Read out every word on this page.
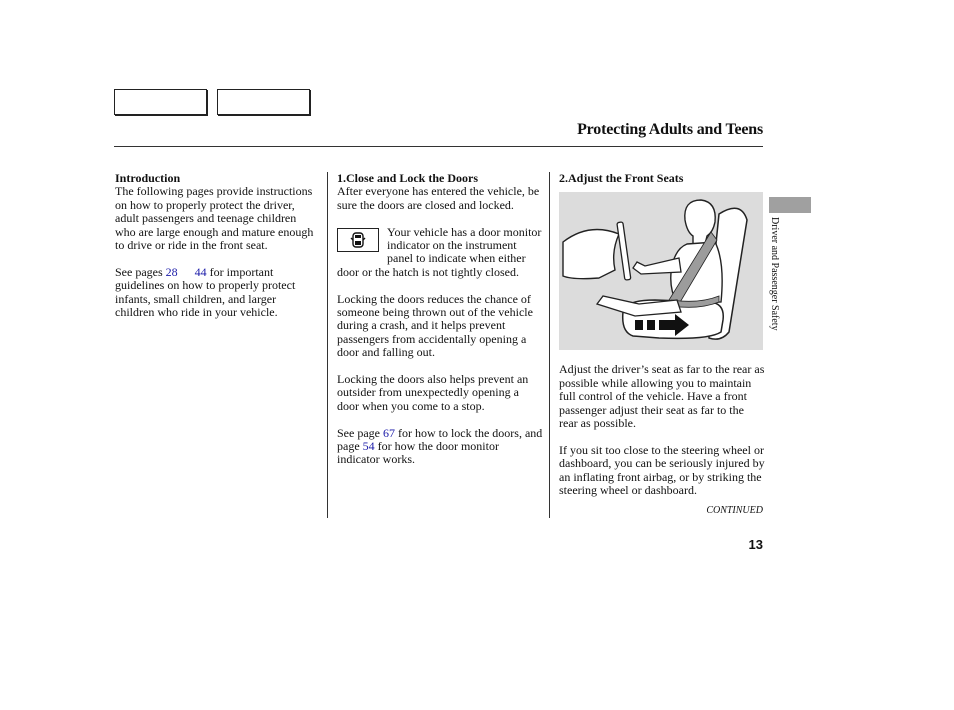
Protecting Adults and Teens
Driver and Passenger Safety
Introduction

The following pages provide instructions on how to properly protect the driver, adult passengers and teenage children who are large enough and mature enough to drive or ride in the front seat.

See pages 28 44 for important guidelines on how to properly protect infants, small children, and larger children who ride in your vehicle.

1.Close and Lock the Doors

After everyone has entered the vehicle, be sure the doors are closed and locked.

Your vehicle has a door monitor indicator on the instrument panel to indicate when either door or the hatch is not tightly closed.

Locking the doors reduces the chance of someone being thrown out of the vehicle during a crash, and it helps prevent passengers from accidentally opening a door and falling out.

Locking the doors also helps prevent an outsider from unexpectedly opening a door when you come to a stop.

See page 67 for how to lock the doors, and page 54 for how the door monitor indicator works.

2.Adjust the Front Seats

Adjust the driver’s seat as far to the rear as possible while allowing you to maintain full control of the vehicle. Have a front passenger adjust their seat as far to the rear as possible.

If you sit too close to the steering wheel or dashboard, you can be seriously injured by an inflating front airbag, or by striking the steering wheel or dashboard.

CONTINUED
13
